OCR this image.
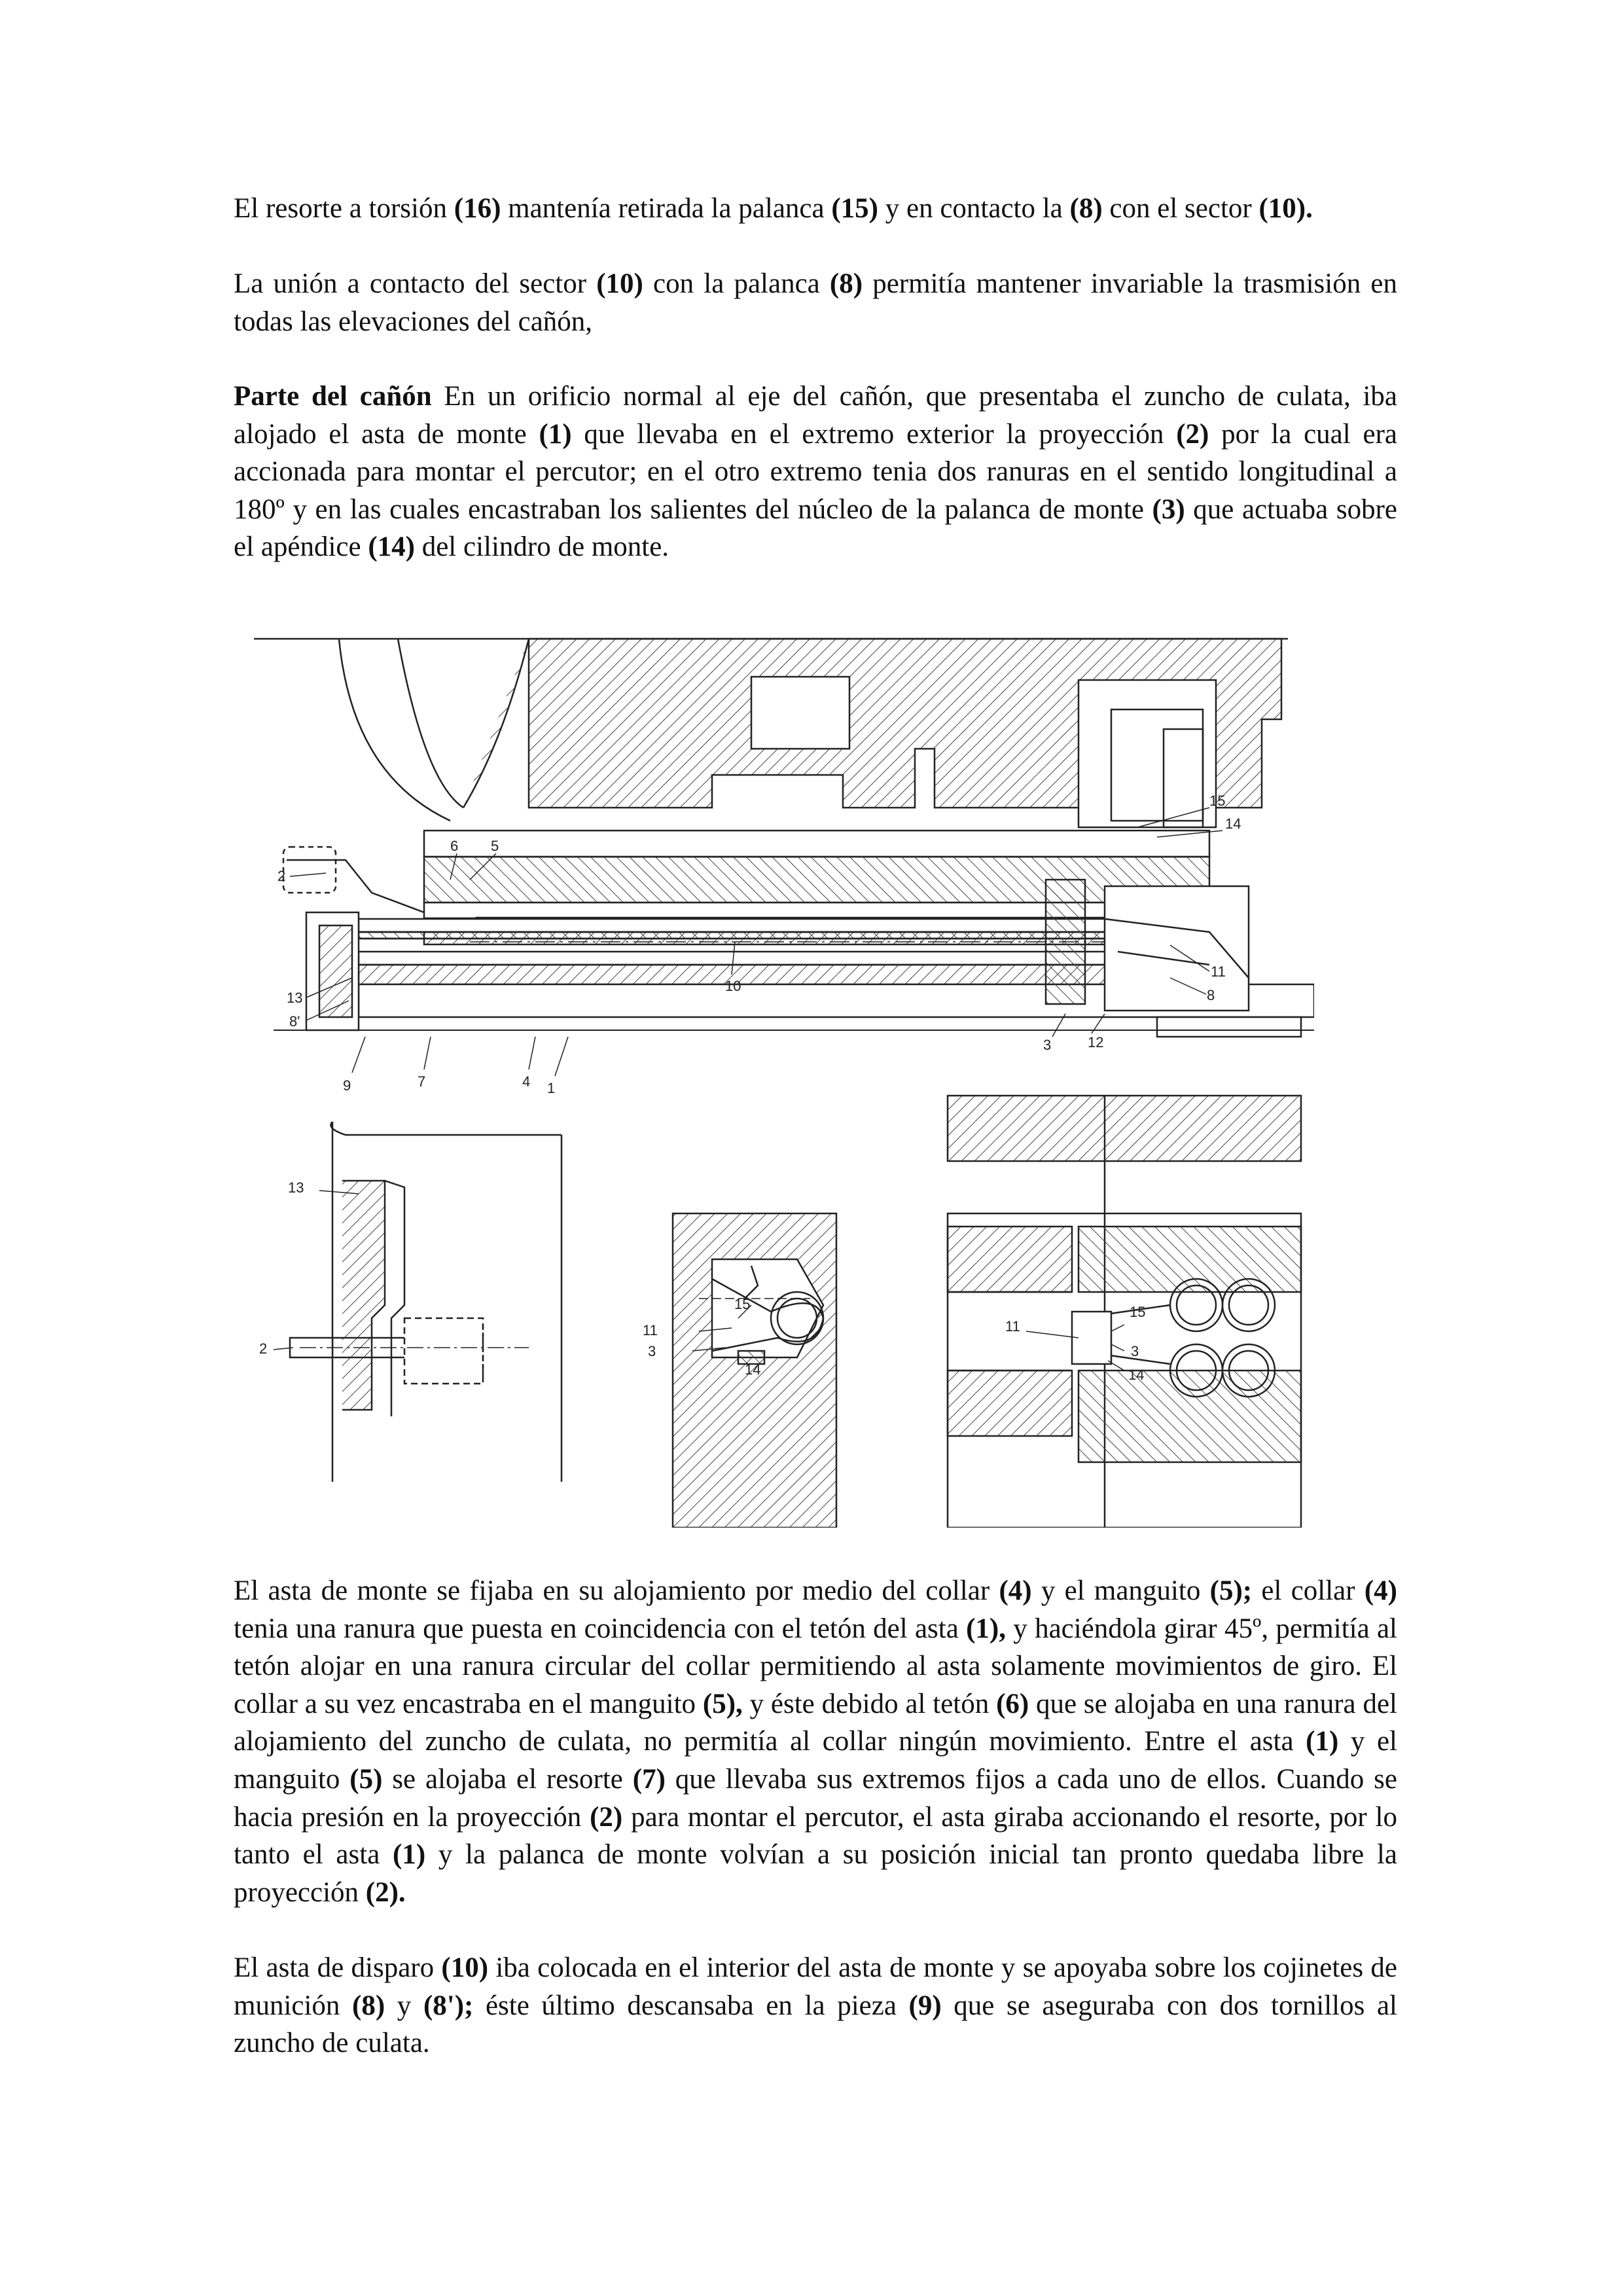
El resorte a torsión (16) mantenía retirada la palanca (15) y en contacto la (8) con el sector (10).

La unión a contacto del sector (10) con la palanca (8) permitía mantener invariable la trasmisión en todas las elevaciones del cañón,

Parte del cañón En un orificio normal al eje del cañón, que presentaba el zuncho de culata, iba alojado el asta de monte (1) que llevaba en el extremo exterior la proyección (2) por la cual era accionada para montar el percutor; en el otro extremo tenia dos ranuras en el sentido longitudinal a 180º y en las cuales encastraban los salientes del núcleo de la palanca de monte (3) que actuaba sobre el apéndice (14) del cilindro de monte.

15
14
6 5
2
11
10
13
8'
8
3	12
9	7	4 1
13
2
15
11
3
14
15
11
3
14

El asta de monte se fijaba en su alojamiento por medio del collar (4) y el manguito (5); el collar (4) tenia una ranura que puesta en coincidencia con el tetón del asta (1), y haciéndola girar 45º, permitía al tetón alojar en una ranura circular del collar permitiendo al asta solamente movimientos de giro. El collar a su vez encastraba en el manguito (5), y éste debido al tetón (6) que se alojaba en una ranura del alojamiento del zuncho de culata, no permitía al collar ningún movimiento. Entre el asta (1) y el manguito (5) se alojaba el resorte (7) que llevaba sus extremos fijos a cada uno de ellos. Cuando se hacia presión en la proyección (2) para montar el percutor, el asta giraba accionando el resorte, por lo tanto el asta (1) y la palanca de monte volvían a su posición inicial tan pronto quedaba libre la proyección (2).

El asta de disparo (10) iba colocada en el interior del asta de monte y se apoyaba sobre los cojinetes de munición (8) y (8'); éste último descansaba en la pieza (9) que se aseguraba con dos tornillos al zuncho de culata.
